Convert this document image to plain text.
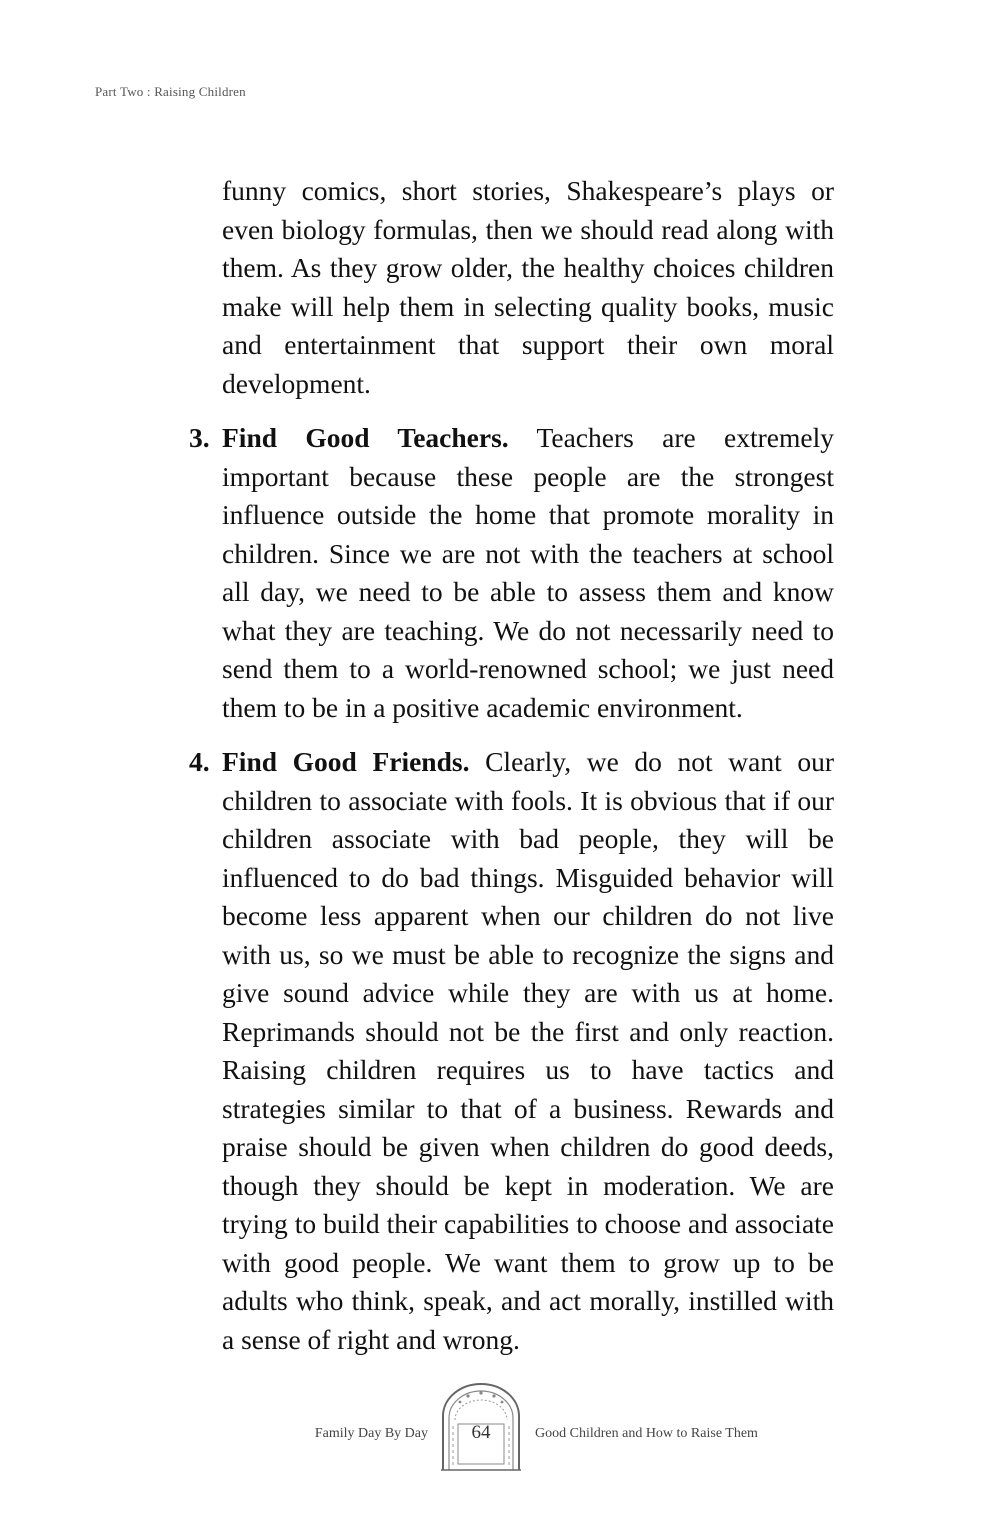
Part Two : Raising Children

funny comics, short stories, Shakespeare’s plays or even biology formulas, then we should read along with them. As they grow older, the healthy choices children make will help them in selecting quality books, music and entertainment that support their own moral development.

3. Find Good Teachers. Teachers are extremely important because these people are the strongest influence outside the home that promote morality in children. Since we are not with the teachers at school all day, we need to be able to assess them and know what they are teaching. We do not necessarily need to send them to a world-renowned school; we just need them to be in a positive academic environment.

4. Find Good Friends. Clearly, we do not want our children to associate with fools. It is obvious that if our children associate with bad people, they will be influenced to do bad things. Misguided behavior will become less apparent when our children do not live with us, so we must be able to recognize the signs and give sound advice while they are with us at home. Reprimands should not be the first and only reaction. Raising children requires us to have tactics and strategies similar to that of a business. Rewards and praise should be given when children do good deeds, though they should be kept in moderation. We are trying to build their capabilities to choose and associate with good people. We want them to grow up to be adults who think, speak, and act morally, instilled with a sense of right and wrong.

Family Day By Day	64	Good Children and How to Raise Them
